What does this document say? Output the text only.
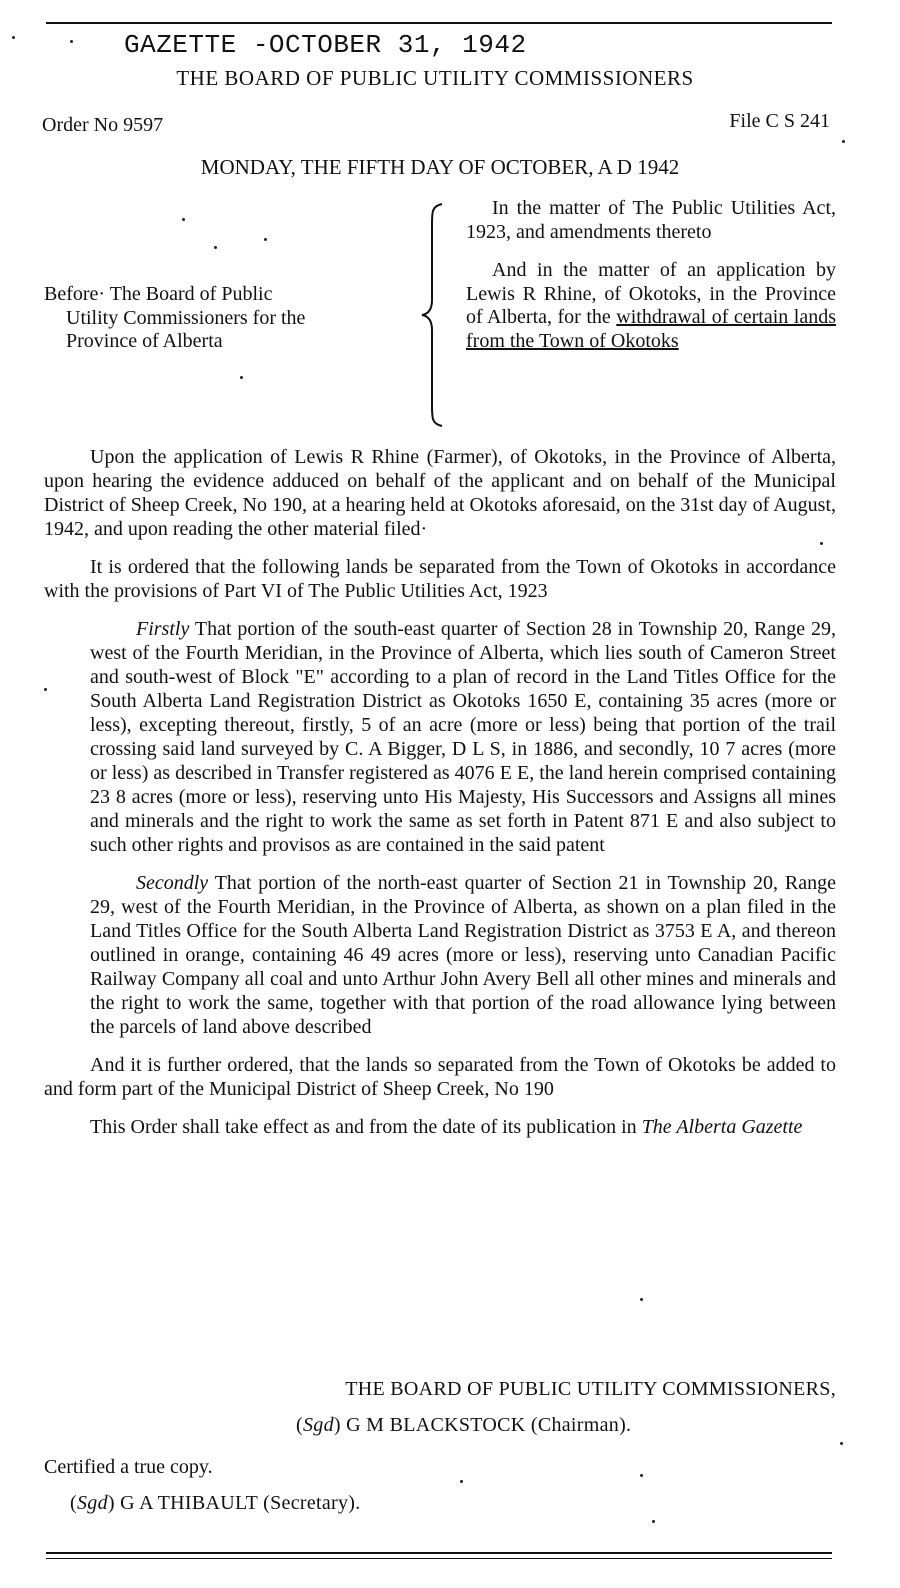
GAZETTE -OCTOBER 31, 1942
THE BOARD OF PUBLIC UTILITY COMMISSIONERS
Order No 9597	File C S 241
MONDAY, THE FIFTH DAY OF OCTOBER, A D 1942
Before· The Board of Public
Utility Commissioners for the
Province of Alberta

In the matter of The Public Utilities Act, 1923, and amendments thereto

And in the matter of an application by Lewis R Rhine, of Okotoks, in the Province of Alberta, for the withdrawal of certain lands from the Town of Okotoks

Upon the application of Lewis R Rhine (Farmer), of Okotoks, in the Province of Alberta, upon hearing the evidence adduced on behalf of the applicant and on behalf of the Municipal District of Sheep Creek, No 190, at a hearing held at Okotoks aforesaid, on the 31st day of August, 1942, and upon reading the other material filed·

It is ordered that the following lands be separated from the Town of Okotoks in accordance with the provisions of Part VI of The Public Utilities Act, 1923

Firstly That portion of the south-east quarter of Section 28 in Township 20, Range 29, west of the Fourth Meridian, in the Province of Alberta, which lies south of Cameron Street and south-west of Block "E" according to a plan of record in the Land Titles Office for the South Alberta Land Registration District as Okotoks 1650 E, containing 35 acres (more or less), excepting thereout, firstly, 5 of an acre (more or less) being that portion of the trail crossing said land surveyed by C. A Bigger, D L S, in 1886, and secondly, 10 7 acres (more or less) as described in Transfer registered as 4076 E E, the land herein comprised containing 23 8 acres (more or less), reserving unto His Majesty, His Successors and Assigns all mines and minerals and the right to work the same as set forth in Patent 871 E and also subject to such other rights and provisos as are contained in the said patent

Secondly That portion of the north-east quarter of Section 21 in Township 20, Range 29, west of the Fourth Meridian, in the Province of Alberta, as shown on a plan filed in the Land Titles Office for the South Alberta Land Registration District as 3753 E A, and thereon outlined in orange, containing 46 49 acres (more or less), reserving unto Canadian Pacific Railway Company all coal and unto Arthur John Avery Bell all other mines and minerals and the right to work the same, together with that portion of the road allowance lying between the parcels of land above described

And it is further ordered, that the lands so separated from the Town of Okotoks be added to and form part of the Municipal District of Sheep Creek, No 190

This Order shall take effect as and from the date of its publication in The Alberta Gazette

THE BOARD OF PUBLIC UTILITY COMMISSIONERS,
(Sgd) G M BLACKSTOCK (Chairman).
Certified a true copy.
(Sgd) G A THIBAULT (Secretary).
